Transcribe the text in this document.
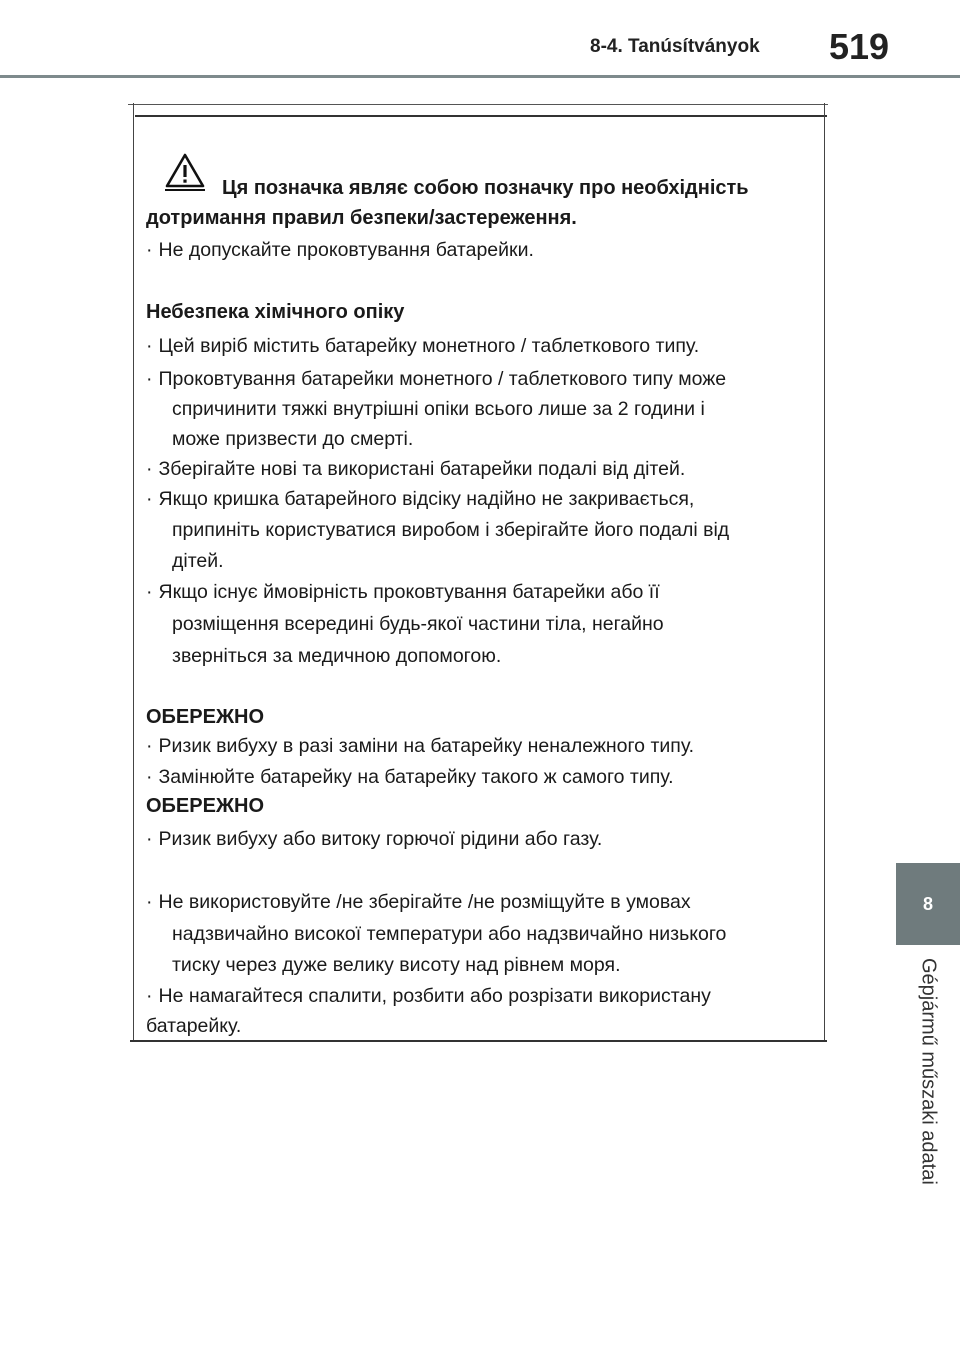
8-4. Tanúsítványok 519
8
Gépjármű műszaki adatai
Ця позначка являє собою позначку про необхідність
дотримання правил безпеки/застереження.
· Не допускайте проковтування батарейки.
Небезпека хімічного опіку
· Цей виріб містить батарейку монетного / таблеткового типу.
· Проковтування батарейки монетного / таблеткового типу може
спричинити тяжкі внутрішні опіки всього лише за 2 години і
може призвести до смерті.
· Зберігайте нові та використані батарейки подалі від дітей.
· Якщо кришка батарейного відсіку надійно не закривається,
припиніть користуватися виробом і зберігайте його подалі від
дітей.
· Якщо існує ймовірність проковтування батарейки або її
розміщення всередині будь-якої частини тіла, негайно
зверніться за медичною допомогою.
ОБЕРЕЖНО
· Ризик вибуху в разі заміни на батарейку неналежного типу.
· Замінюйте батарейку на батарейку такого ж самого типу.
ОБЕРЕЖНО
· Ризик вибуху або витоку горючої рідини або газу.
· Не використовуйте /не зберігайте /не розміщуйте в умовах
надзвичайно високої температури або надзвичайно низького
тиску через дуже велику висоту над рівнем моря.
· Не намагайтеся спалити, розбити або розрізати використану
батарейку.
